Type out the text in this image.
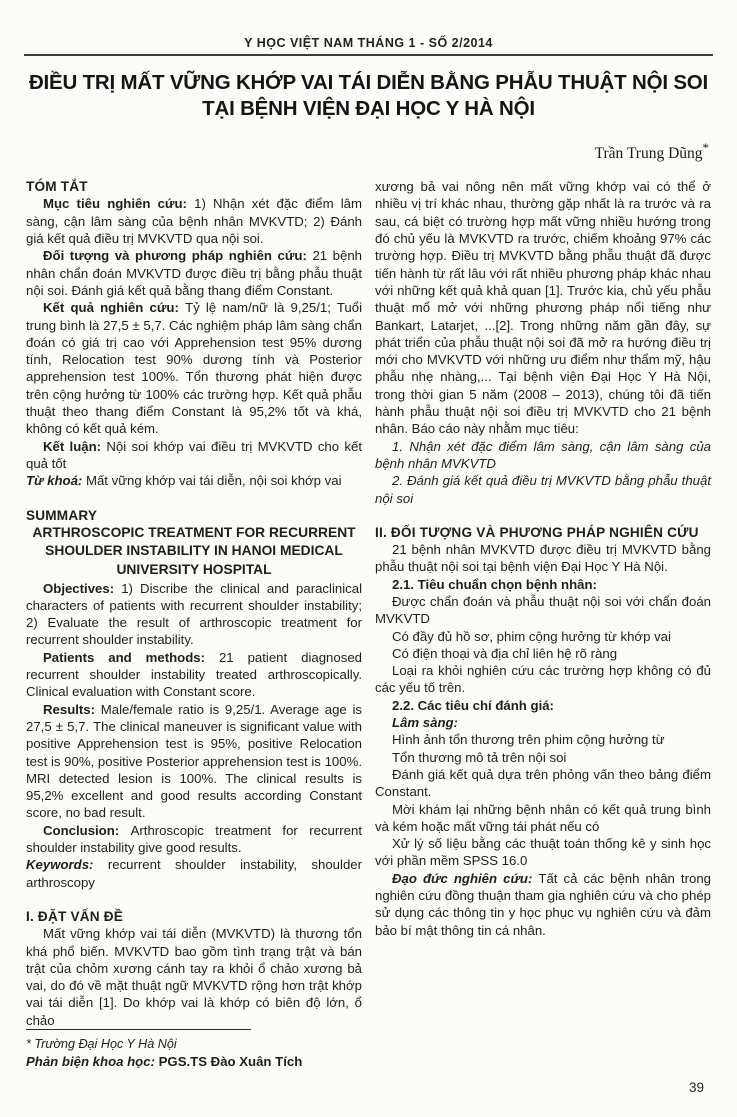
Y HỌC VIỆT NAM THÁNG 1 - SỐ 2/2014
ĐIỀU TRỊ MẤT VỮNG KHỚP VAI TÁI DIỄN BẰNG PHẪU THUẬT NỘI SOI
TẠI BỆNH VIỆN ĐẠI HỌC Y HÀ NỘI
Trần Trung Dũng*
TÓM TẮT

Mục tiêu nghiên cứu: 1) Nhận xét đặc điểm lâm sàng, cận lâm sàng của bệnh nhân MVKVTD; 2) Đánh giá kết quả điều trị MVKVTD qua nội soi.

Đối tượng và phương pháp nghiên cứu: 21 bệnh nhân chẩn đoán MVKVTD được điều trị bằng phẫu thuật nội soi. Đánh giá kết quả bằng thang điểm Constant.

Kết quả nghiên cứu: Tỷ lệ nam/nữ là 9,25/1; Tuổi trung bình là 27,5 ± 5,7. Các nghiệm pháp lâm sàng chẩn đoán có giá trị cao với Apprehension test 95% dương tính, Relocation test 90% dương tính và Posterior apprehension test 100%. Tổn thương phát hiện được trên cộng hưởng từ 100% các trường hợp. Kết quả phẫu thuật theo thang điểm Constant là 95,2% tốt và khá, không có kết quả kém.

Kết luận: Nội soi khớp vai điều trị MVKVTD cho kết quả tốt

Từ khoá: Mất vững khớp vai tái diễn, nội soi khớp vai

SUMMARY

ARTHROSCOPIC TREATMENT FOR RECURRENT SHOULDER INSTABILITY IN HANOI MEDICAL UNIVERSITY HOSPITAL

Objectives: 1) Discribe the clinical and paraclinical characters of patients with recurrent shoulder instability; 2) Evaluate the result of arthroscopic treatment for recurrent shoulder instability.

Patients and methods: 21 patient diagnosed recurrent shoulder instability treated arthroscopically. Clinical evaluation with Constant score.

Results: Male/female ratio is 9,25/1. Average age is 27,5 ± 5,7. The clinical maneuver is significant value with positive Apprehension test is 95%, positive Relocation test is 90%, positive Posterior apprehension test is 100%. MRI detected lesion is 100%. The clinical results is 95,2% excellent and good results according Constant score, no bad result.

Conclusion: Arthroscopic treatment for recurrent shoulder instability give good results.

Keywords: recurrent shoulder instability, shoulder arthroscopy

I. ĐẶT VẤN ĐỀ

Mất vững khớp vai tái diễn (MVKVTD) là thương tổn khá phổ biến. MVKVTD bao gồm tình trạng trật và bán trật của chỏm xương cánh tay ra khỏi ổ chảo xương bả vai, do đó về mặt thuật ngữ MVKVTD rộng hơn trật khớp vai tái diễn [1]. Do khớp vai là khớp có biên độ lớn, ổ chảo

* Trường Đại Học Y Hà Nội
Phản biện khoa học: PGS.TS Đào Xuân Tích

xương bả vai nông nên mất vững khớp vai có thể ở nhiều vị trí khác nhau, thường gặp nhất là ra trước và ra sau, cá biệt có trường hợp mất vững nhiều hướng trong đó chủ yếu là MVKVTD ra trước, chiếm khoảng 97% các trường hợp. Điều trị MVKVTD bằng phẫu thuật đã được tiến hành từ rất lâu với rất nhiều phương pháp khác nhau với những kết quả khả quan [1]. Trước kia, chủ yếu phẫu thuật mổ mở với những phương pháp nổi tiếng như Bankart, Latarjet, ...[2]. Trong những năm gần đây, sự phát triển của phẫu thuật nội soi đã mở ra hướng điều trị mới cho MVKVTD với những ưu điểm như thẩm mỹ, hậu phẫu nhẹ nhàng,... Tại bệnh viện Đại Học Y Hà Nội, trong thời gian 5 năm (2008 – 2013), chúng tôi đã tiến hành phẫu thuật nội soi điều trị MVKVTD cho 21 bệnh nhân. Báo cáo này nhằm mục tiêu:

1. Nhận xét đặc điểm lâm sàng, cận lâm sàng của bệnh nhân MVKVTD

2. Đánh giá kết quả điều trị MVKVTD bằng phẫu thuật nội soi

II. ĐỐI TƯỢNG VÀ PHƯƠNG PHÁP NGHIÊN CỨU

21 bệnh nhân MVKVTD được điều trị MVKVTD bằng phẫu thuật nội soi tại bệnh viện Đại Học Y Hà Nội.

2.1. Tiêu chuẩn chọn bệnh nhân:

Được chẩn đoán và phẫu thuật nội soi với chẩn đoán MVKVTD

Có đầy đủ hồ sơ, phim cộng hưởng từ khớp vai

Có điện thoại và địa chỉ liên hệ rõ ràng

Loại ra khỏi nghiên cứu các trường hợp không có đủ các yếu tố trên.

2.2. Các tiêu chí đánh giá:

Lâm sàng:

Hình ảnh tổn thương trên phim cộng hưởng từ

Tổn thương mô tả trên nội soi

Đánh giá kết quả dựa trên phỏng vấn theo bảng điểm Constant.

Mời khám lại những bệnh nhân có kết quả trung bình và kém hoặc mất vững tái phát nếu có

Xử lý số liệu bằng các thuật toán thống kê y sinh học với phần mềm SPSS 16.0

Đạo đức nghiên cứu: Tất cả các bệnh nhân trong nghiên cứu đồng thuận tham gia nghiên cứu và cho phép sử dụng các thông tin y học phục vụ nghiên cứu và đảm bảo bí mật thông tin cá nhân.

39
